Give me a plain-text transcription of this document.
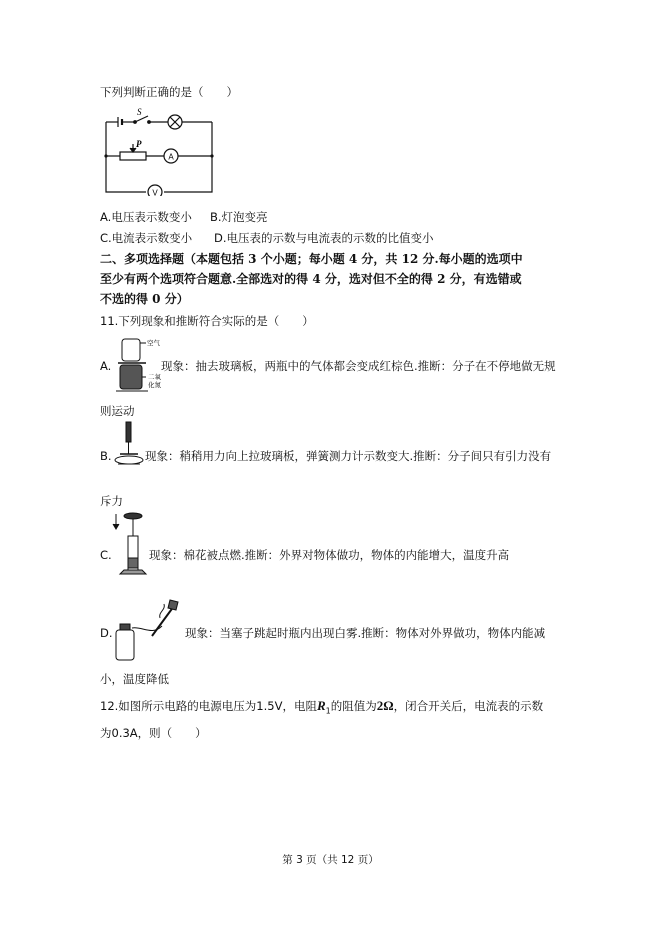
下列判断正确的是（　　）
S
P
A
V
A.电压表示数变小 B.灯泡变亮
C.电流表示数变小 D.电压表的示数与电流表的示数的比值变小
二、多项选择题（本题包括 3 个小题；每小题 4 分，共 12 分.每小题的选项中
至少有两个选项符合题意.全部选对的得 4 分，选对但不全的得 2 分，有选错或
不选的得 0 分）
11.下列现象和推断符合实际的是（　　）
A.
空气
二氧
化氮
现象：抽去玻璃板，两瓶中的气体都会变成红棕色.推断：分子在不停地做无规
则运动
B.	现象：稍稍用力向上拉玻璃板，弹簧测力计示数变大.推断：分子间只有引力没有
斥力
C.	现象：棉花被点燃.推断：外界对物体做功，物体的内能增大，温度升高
D.	现象：当塞子跳起时瓶内出现白雾.推断：物体对外界做功，物体内能减
小，温度降低
12.如图所示电路的电源电压为1.5V，电阻$R_1$的阻值为2Ω，闭合开关后，电流表的示数
为0.3A，则（　　）
第 3 页（共 12 页）
